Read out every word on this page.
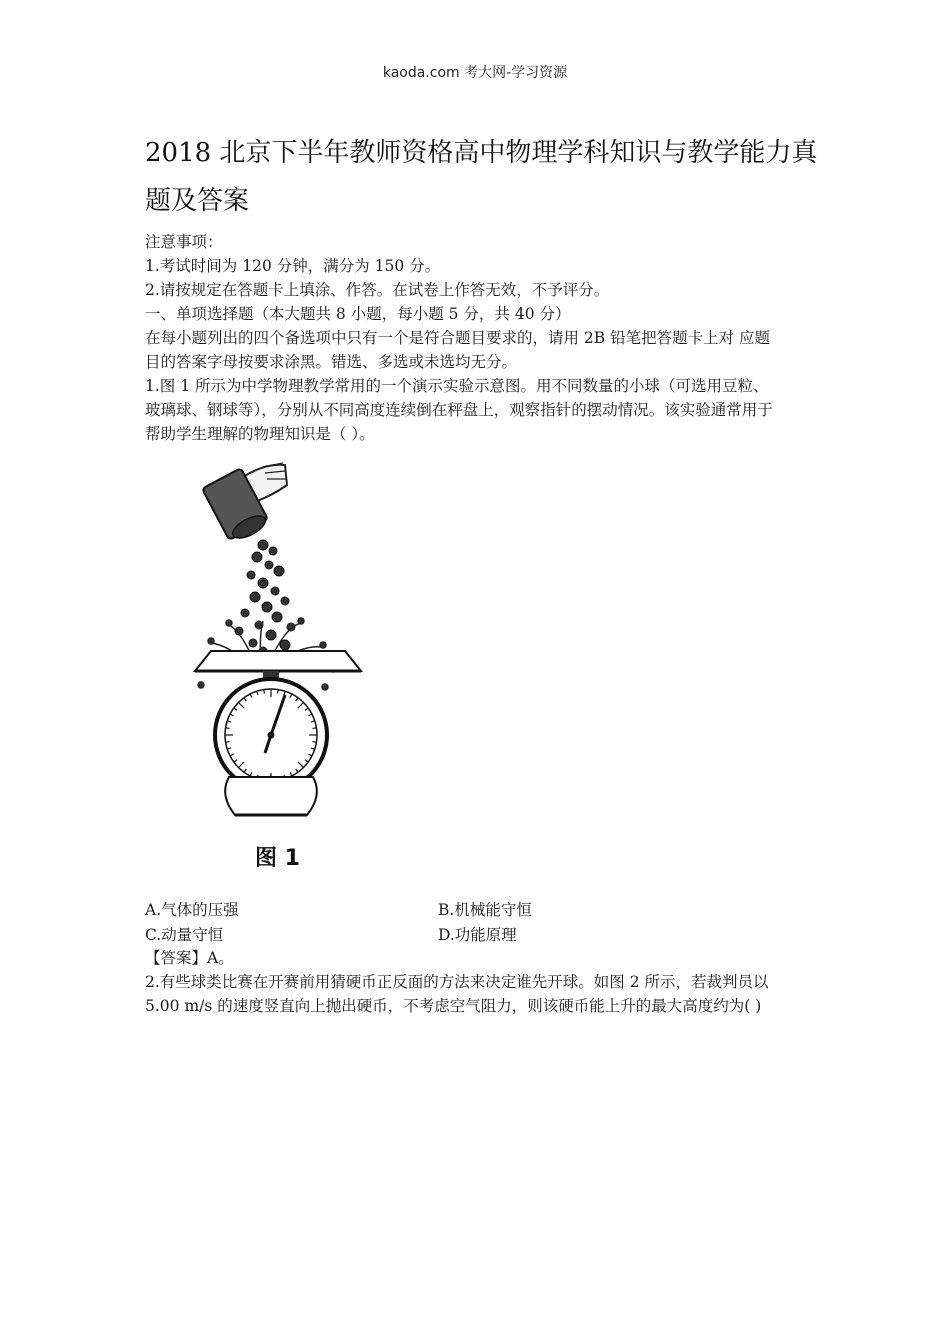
kaoda.com 考大网-学习资源
2018 北京下半年教师资格高中物理学科知识与教学能力真
题及答案
注意事项：
1.考试时间为 120 分钟，满分为 150 分。
2.请按规定在答题卡上填涂、作答。在试卷上作答无效，不予评分。
一、单项选择题（本大题共 8 小题，每小题 5 分，共 40 分）
在每小题列出的四个备选项中只有一个是符合题目要求的，请用 2B 铅笔把答题卡上对 应题
目的答案字母按要求涂黑。错选、多选或未选均无分。
1.图 1 所示为中学物理教学常用的一个演示实验示意图。用不同数量的小球（可选用豆粒、
玻璃球、钢球等），分别从不同高度连续倒在秤盘上，观察指针的摆动情况。该实验通常用于
帮助学生理解的物理知识是（ ）。
图 1
A.气体的压强	B.机械能守恒
C.动量守恒	D.功能原理
【答案】A。
2.有些球类比赛在开赛前用猜硬币正反面的方法来决定谁先开球。如图 2 所示，若裁判员以
5.00 m/s 的速度竖直向上抛出硬币，不考虑空气阻力，则该硬币能上升的最大高度约为( )
